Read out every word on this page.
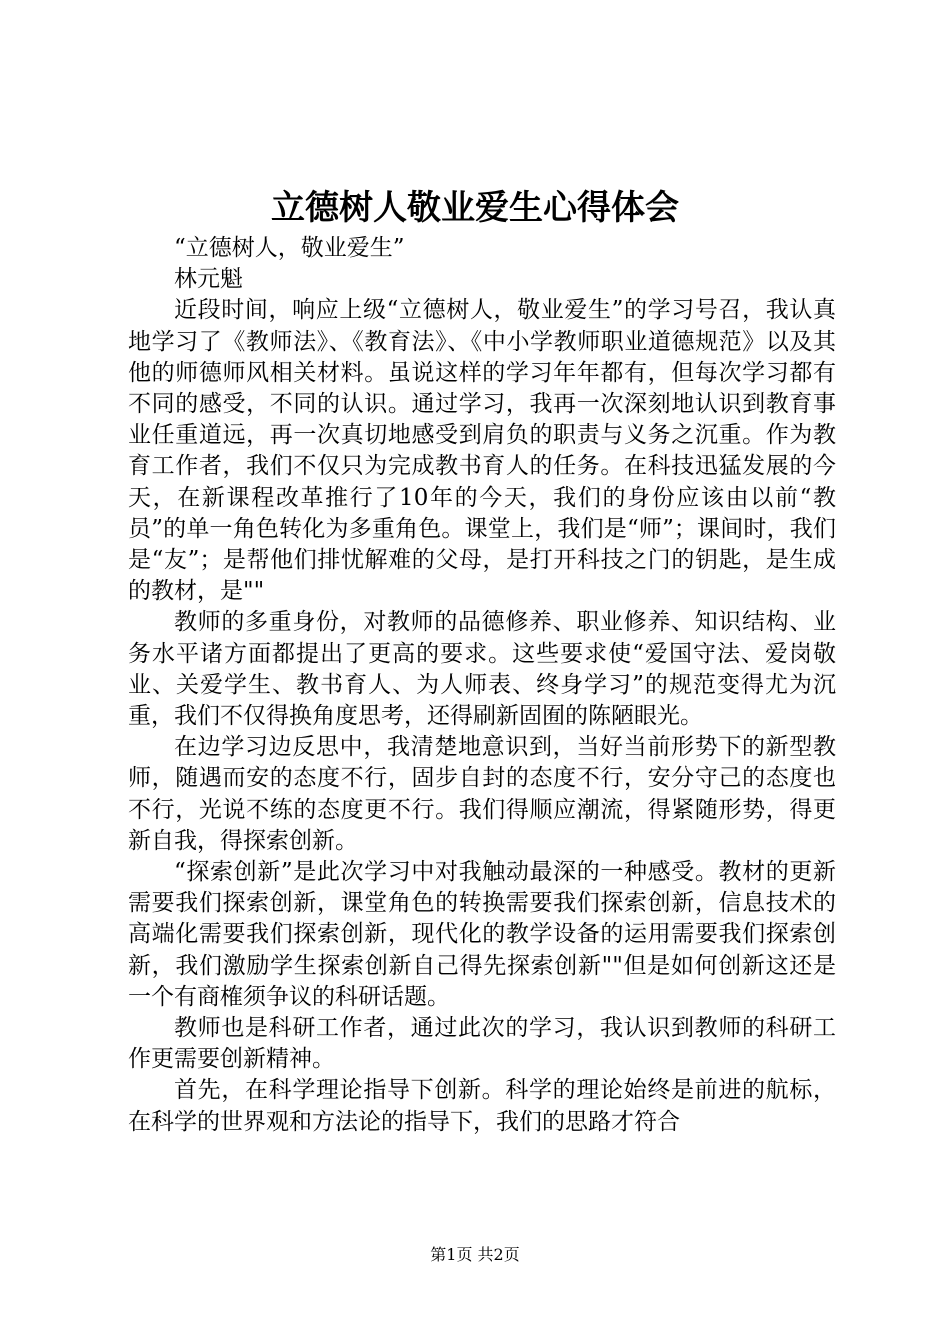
立德树人敬业爱生心得体会

“立德树人，敬业爱生”

林元魁

近段时间，响应上级“立德树人，敬业爱生”的学习号召，我认真地学习了《教师法》、《教育法》、《中小学教师职业道德规范》以及其他的师德师风相关材料。虽说这样的学习年年都有，但每次学习都有不同的感受，不同的认识。通过学习，我再一次深刻地认识到教育事业任重道远，再一次真切地感受到肩负的职责与义务之沉重。作为教育工作者，我们不仅只为完成教书育人的任务。在科技迅猛发展的今天，在新课程改革推行了10年的今天，我们的身份应该由以前“教员”的单一角色转化为多重角色。课堂上，我们是“师”；课间时，我们是“友”；是帮他们排忧解难的父母，是打开科技之门的钥匙，是生成的教材，是""

教师的多重身份，对教师的品德修养、职业修养、知识结构、业务水平诸方面都提出了更高的要求。这些要求使“爱国守法、爱岗敬业、关爱学生、教书育人、为人师表、终身学习”的规范变得尤为沉重，我们不仅得换角度思考，还得刷新固囿的陈陋眼光。

在边学习边反思中，我清楚地意识到，当好当前形势下的新型教师，随遇而安的态度不行，固步自封的态度不行，安分守己的态度也不行，光说不练的态度更不行。我们得顺应潮流，得紧随形势，得更新自我，得探索创新。

“探索创新”是此次学习中对我触动最深的一种感受。教材的更新需要我们探索创新，课堂角色的转换需要我们探索创新，信息技术的高端化需要我们探索创新，现代化的教学设备的运用需要我们探索创新，我们激励学生探索创新自己得先探索创新""但是如何创新这还是一个有商榷须争议的科研话题。

教师也是科研工作者，通过此次的学习，我认识到教师的科研工作更需要创新精神。

首先，在科学理论指导下创新。科学的理论始终是前进的航标，在科学的世界观和方法论的指导下，我们的思路才符合

第1页 共2页
